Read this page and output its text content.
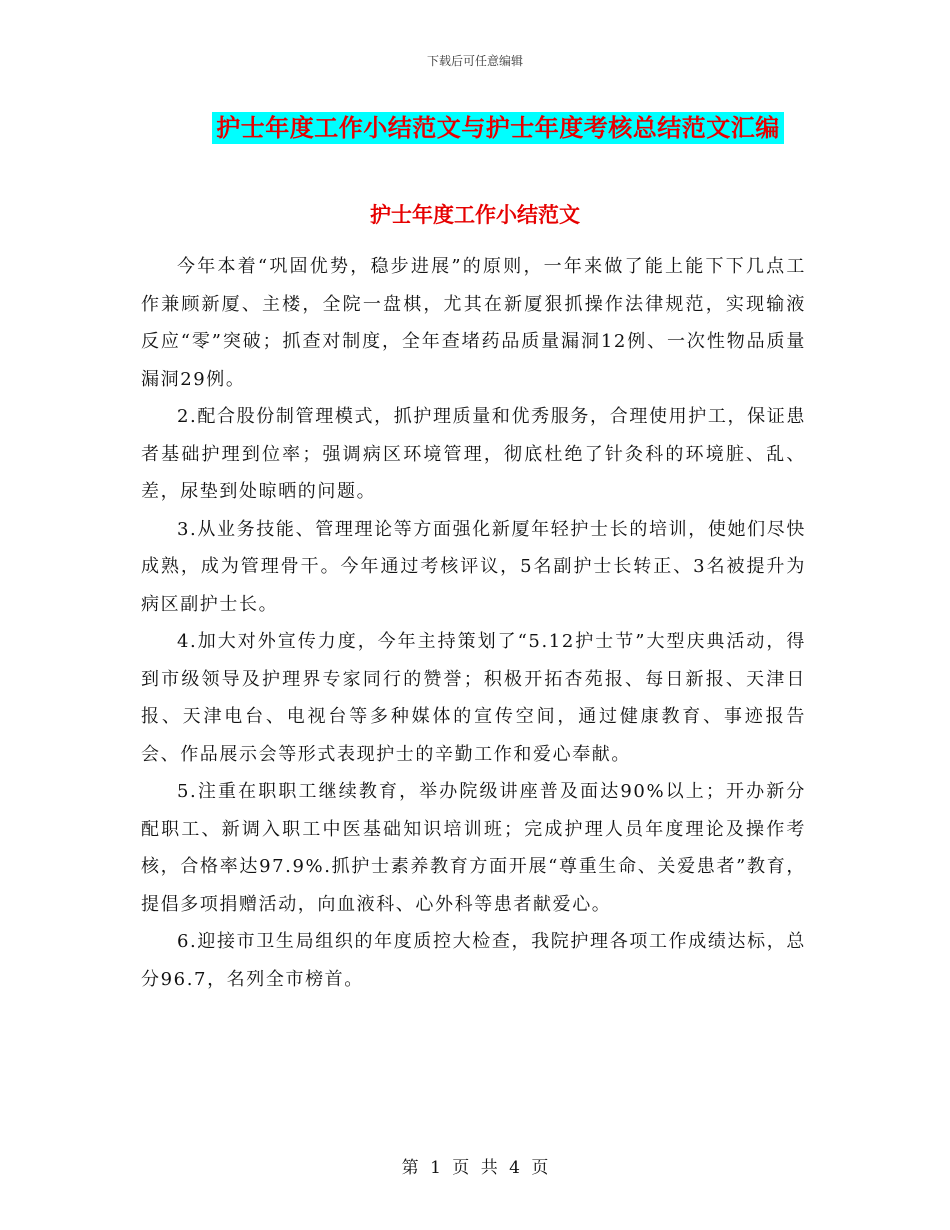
下载后可任意编辑
护士年度工作小结范文与护士年度考核总结范文汇编
护士年度工作小结范文

今年本着“巩固优势，稳步进展”的原则，一年来做了能上能下下几点工作兼顾新厦、主楼，全院一盘棋，尤其在新厦狠抓操作法律规范，实现输液反应“零”突破；抓查对制度，全年查堵药品质量漏洞12例、一次性物品质量漏洞29例。

2.配合股份制管理模式，抓护理质量和优秀服务，合理使用护工，保证患者基础护理到位率；强调病区环境管理，彻底杜绝了针灸科的环境脏、乱、差，尿垫到处晾晒的问题。

3.从业务技能、管理理论等方面强化新厦年轻护士长的培训，使她们尽快成熟，成为管理骨干。今年通过考核评议，5名副护士长转正、3名被提升为病区副护士长。

4.加大对外宣传力度，今年主持策划了“5.12护士节”大型庆典活动，得到市级领导及护理界专家同行的赞誉；积极开拓杏苑报、每日新报、天津日报、天津电台、电视台等多种媒体的宣传空间，通过健康教育、事迹报告会、作品展示会等形式表现护士的辛勤工作和爱心奉献。

5.注重在职职工继续教育，举办院级讲座普及面达90%以上；开办新分配职工、新调入职工中医基础知识培训班；完成护理人员年度理论及操作考核，合格率达97.9%.抓护士素养教育方面开展“尊重生命、关爱患者”教育，提倡多项捐赠活动，向血液科、心外科等患者献爱心。

6.迎接市卫生局组织的年度质控大检查，我院护理各项工作成绩达标，总分96.7，名列全市榜首。

第 1 页 共 4 页
